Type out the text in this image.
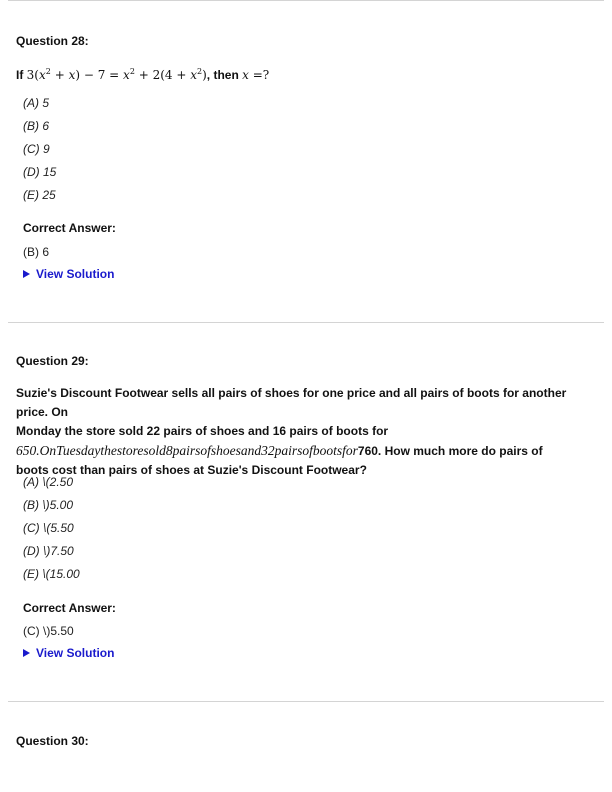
Question 28:
If $3(x^2 + x) - 7 = x^2 + 2(4 + x^2)$, then x =?
(A) 5
(B) 6
(C) 9
(D) 15
(E) 25
Correct Answer:
(B) 6
View Solution
Question 29:
Suzie's Discount Footwear sells all pairs of shoes for one price and all pairs of boots for another price. On
Monday the store sold 22 pairs of shoes and 16 pairs of boots for
650.OnTuesdaythestoresold8pairsofshoesand32pairsofbootsfor760. How much more do pairs of
boots cost than pairs of shoes at Suzie's Discount Footwear?
(A) \(2.50
(B) \)5.00
(C) \(5.50
(D) \)7.50
(E) \(15.00
Correct Answer:
(C) \)5.50
View Solution
Question 30:
